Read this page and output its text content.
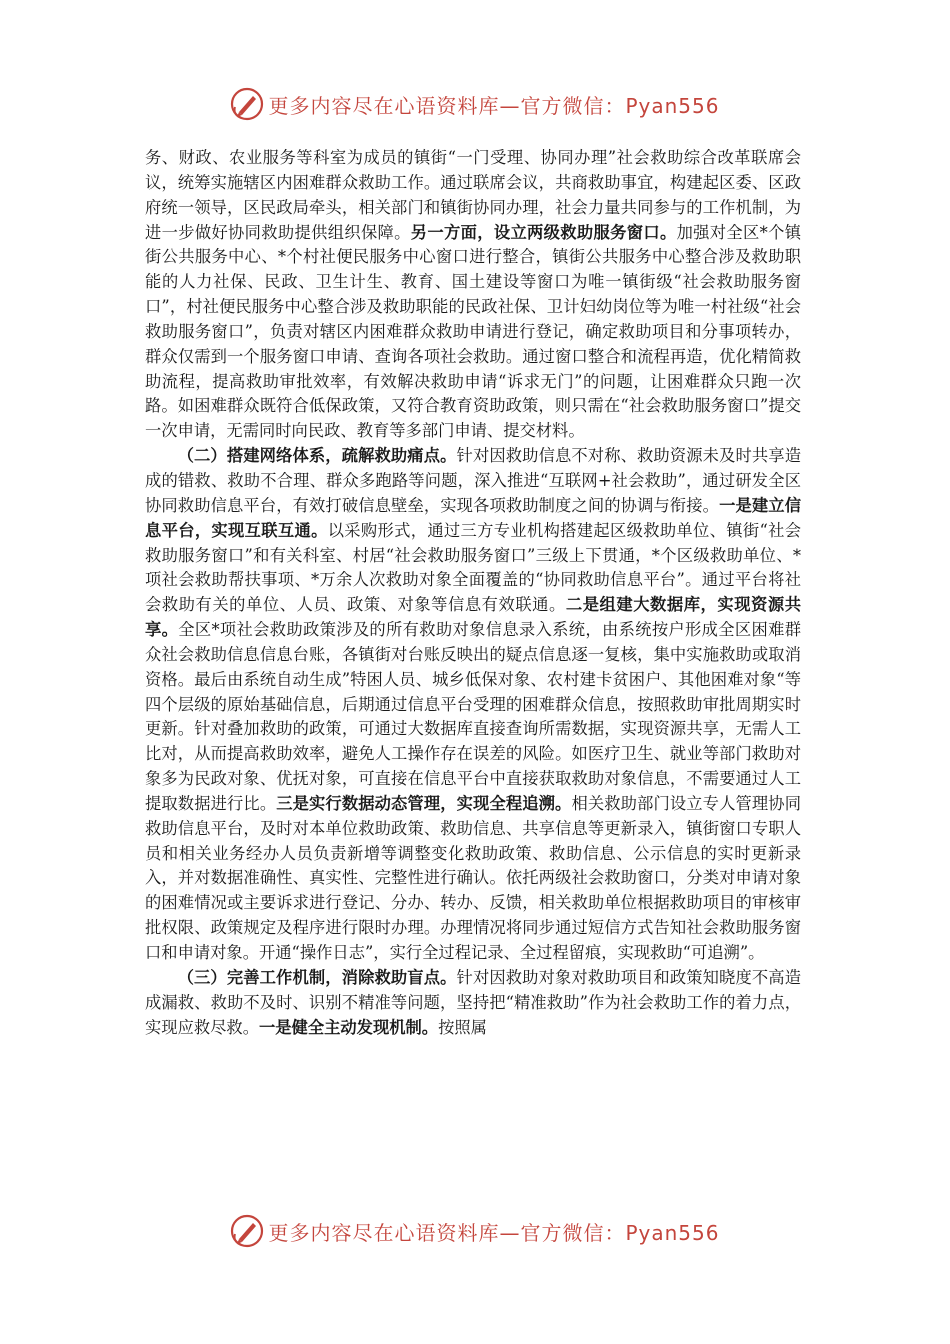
更多内容尽在心语资料库—官方微信：Pyan556

务、财政、农业服务等科室为成员的镇街“一门受理、协同办理”社会救助综合改革联席会议，统筹实施辖区内困难群众救助工作。通过联席会议，共商救助事宜，构建起区委、区政府统一领导，区民政局牵头，相关部门和镇街协同办理，社会力量共同参与的工作机制，为进一步做好协同救助提供组织保障。另一方面，设立两级救助服务窗口。加强对全区*个镇街公共服务中心、*个村社便民服务中心窗口进行整合，镇街公共服务中心整合涉及救助职能的人力社保、民政、卫生计生、教育、国土建设等窗口为唯一镇街级“社会救助服务窗口”，村社便民服务中心整合涉及救助职能的民政社保、卫计妇幼岗位等为唯一村社级“社会救助服务窗口”，负责对辖区内困难群众救助申请进行登记，确定救助项目和分事项转办，群众仅需到一个服务窗口申请、查询各项社会救助。通过窗口整合和流程再造，优化精简救助流程，提高救助审批效率，有效解决救助申请“诉求无门”的问题，让困难群众只跑一次路。如困难群众既符合低保政策，又符合教育资助政策，则只需在“社会救助服务窗口”提交一次申请，无需同时向民政、教育等多部门申请、提交材料。

（二）搭建网络体系，疏解救助痛点。针对因救助信息不对称、救助资源未及时共享造成的错救、救助不合理、群众多跑路等问题，深入推进“互联网+社会救助”，通过研发全区协同救助信息平台，有效打破信息壁垒，实现各项救助制度之间的协调与衔接。一是建立信息平台，实现互联互通。以采购形式，通过三方专业机构搭建起区级救助单位、镇街“社会救助服务窗口”和有关科室、村居“社会救助服务窗口”三级上下贯通，*个区级救助单位、*项社会救助帮扶事项、*万余人次救助对象全面覆盖的“协同救助信息平台”。通过平台将社会救助有关的单位、人员、政策、对象等信息有效联通。二是组建大数据库，实现资源共享。全区*项社会救助政策涉及的所有救助对象信息录入系统，由系统按户形成全区困难群众社会救助信息信息台账，各镇街对台账反映出的疑点信息逐一复核，集中实施救助或取消资格。最后由系统自动生成”特困人员、城乡低保对象、农村建卡贫困户、其他困难对象“等四个层级的原始基础信息，后期通过信息平台受理的困难群众信息，按照救助审批周期实时更新。针对叠加救助的政策，可通过大数据库直接查询所需数据，实现资源共享，无需人工比对，从而提高救助效率，避免人工操作存在误差的风险。如医疗卫生、就业等部门救助对象多为民政对象、优抚对象，可直接在信息平台中直接获取救助对象信息，不需要通过人工提取数据进行比。三是实行数据动态管理，实现全程追溯。相关救助部门设立专人管理协同救助信息平台，及时对本单位救助政策、救助信息、共享信息等更新录入，镇街窗口专职人员和相关业务经办人员负责新增等调整变化救助政策、救助信息、公示信息的实时更新录入，并对数据准确性、真实性、完整性进行确认。依托两级社会救助窗口，分类对申请对象的困难情况或主要诉求进行登记、分办、转办、反馈，相关救助单位根据救助项目的审核审批权限、政策规定及程序进行限时办理。办理情况将同步通过短信方式告知社会救助服务窗口和申请对象。开通“操作日志”，实行全过程记录、全过程留痕，实现救助“可追溯”。

（三）完善工作机制，消除救助盲点。针对因救助对象对救助项目和政策知晓度不高造成漏救、救助不及时、识别不精准等问题，坚持把“精准救助”作为社会救助工作的着力点，实现应救尽救。一是健全主动发现机制。按照属

更多内容尽在心语资料库—官方微信：Pyan556
